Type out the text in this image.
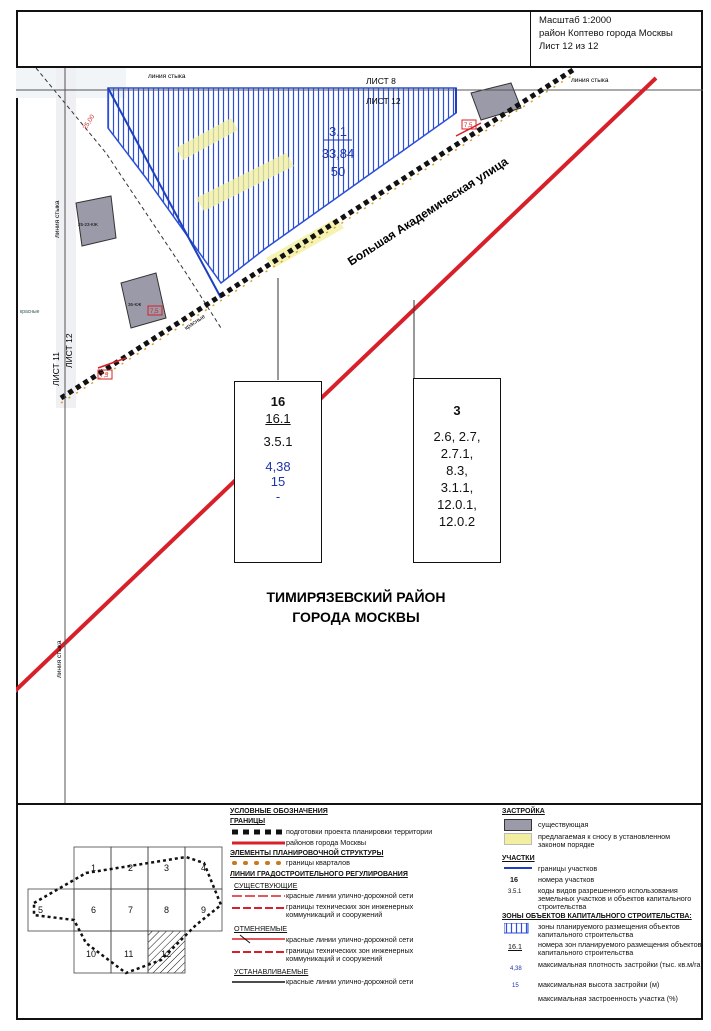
Масштаб 1:2000
район Коптево города Москвы
Лист 12 из 12
25-23-КЖ
36-КЖ
7,5
7,5
7,5
25,00
3.1
33,84
50 Большая Академическая улица
ЛИСТ 8
ЛИСТ 12
ЛИСТ 11
ЛИСТ 12
линия стыка
линия стыка
линия стыка
линия стыка
красные
красные
ТИМИРЯЗЕВСКИЙ РАЙОН
ГОРОДА МОСКВЫ
16
16.1
3.5.1
4,38
15
-
3
2.6, 2.7,
2.7.1,
8.3,
3.1.1,
12.0.1,
12.0.2
1	2	3	4
5	6	7	8	9
10	11	12
УСЛОВНЫЕ ОБОЗНАЧЕНИЯ
ГРАНИЦЫ
подготовки проекта планировки территории
районов города Москвы
ЭЛЕМЕНТЫ ПЛАНИРОВОЧНОЙ СТРУКТУРЫ
границы кварталов
ЛИНИИ ГРАДОСТРОИТЕЛЬНОГО РЕГУЛИРОВАНИЯ
СУЩЕСТВУЮЩИЕ
красные линии улично-дорожной сети
границы технических зон инженерных коммуникаций и сооружений
ОТМЕНЯЕМЫЕ
красные линии улично-дорожной сети
границы технических зон инженерных коммуникаций и сооружений
УСТАНАВЛИВАЕМЫЕ
красные линии улично-дорожной сети
ЗАСТРОЙКА
существующая
предлагаемая к сносу в установленном законом порядке
УЧАСТКИ
границы участков
16	номера участков
3.5.1 коды видов разрешенного использования земельных участков и объектов капитального строительства
ЗОНЫ ОБЪЕКТОВ КАПИТАЛЬНОГО СТРОИТЕЛЬСТВА:
зоны планируемого размещения объектов капитального строительства
16.1 номера зон планируемого размещения объектов капитального строительства
4,38 максимальная плотность застройки (тыс. кв.м/га)
15	максимальная высота застройки (м)
максимальная застроенность участка (%)
